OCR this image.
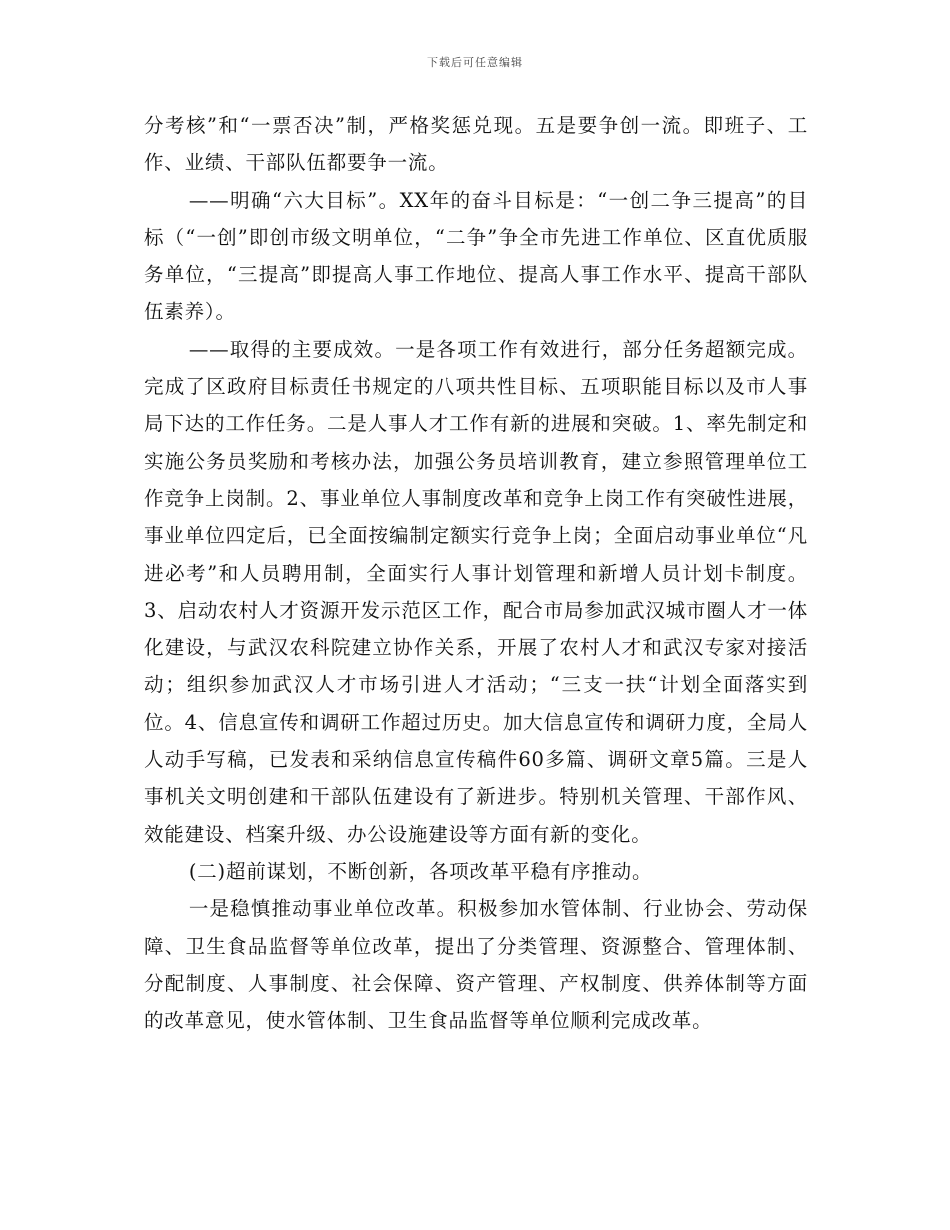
下载后可任意编辑

分考核”和“一票否决”制，严格奖惩兑现。五是要争创一流。即班子、工作、业绩、干部队伍都要争一流。

——明确“六大目标”。XX年的奋斗目标是：“一创二争三提高”的目标（“一创”即创市级文明单位，“二争”争全市先进工作单位、区直优质服务单位，“三提高”即提高人事工作地位、提高人事工作水平、提高干部队伍素养）。

——取得的主要成效。一是各项工作有效进行，部分任务超额完成。完成了区政府目标责任书规定的八项共性目标、五项职能目标以及市人事局下达的工作任务。二是人事人才工作有新的进展和突破。1、率先制定和实施公务员奖励和考核办法，加强公务员培训教育，建立参照管理单位工作竞争上岗制。2、事业单位人事制度改革和竞争上岗工作有突破性进展，事业单位四定后，已全面按编制定额实行竞争上岗；全面启动事业单位“凡进必考”和人员聘用制，全面实行人事计划管理和新增人员计划卡制度。3、启动农村人才资源开发示范区工作，配合市局参加武汉城市圈人才一体化建设，与武汉农科院建立协作关系，开展了农村人才和武汉专家对接活动；组织参加武汉人才市场引进人才活动；“三支一扶“计划全面落实到位。4、信息宣传和调研工作超过历史。加大信息宣传和调研力度，全局人人动手写稿，已发表和采纳信息宣传稿件60多篇、调研文章5篇。三是人事机关文明创建和干部队伍建设有了新进步。特别机关管理、干部作风、效能建设、档案升级、办公设施建设等方面有新的变化。

(二)超前谋划，不断创新，各项改革平稳有序推动。

一是稳慎推动事业单位改革。积极参加水管体制、行业协会、劳动保障、卫生食品监督等单位改革，提出了分类管理、资源整合、管理体制、分配制度、人事制度、社会保障、资产管理、产权制度、供养体制等方面的改革意见，使水管体制、卫生食品监督等单位顺利完成改革。
